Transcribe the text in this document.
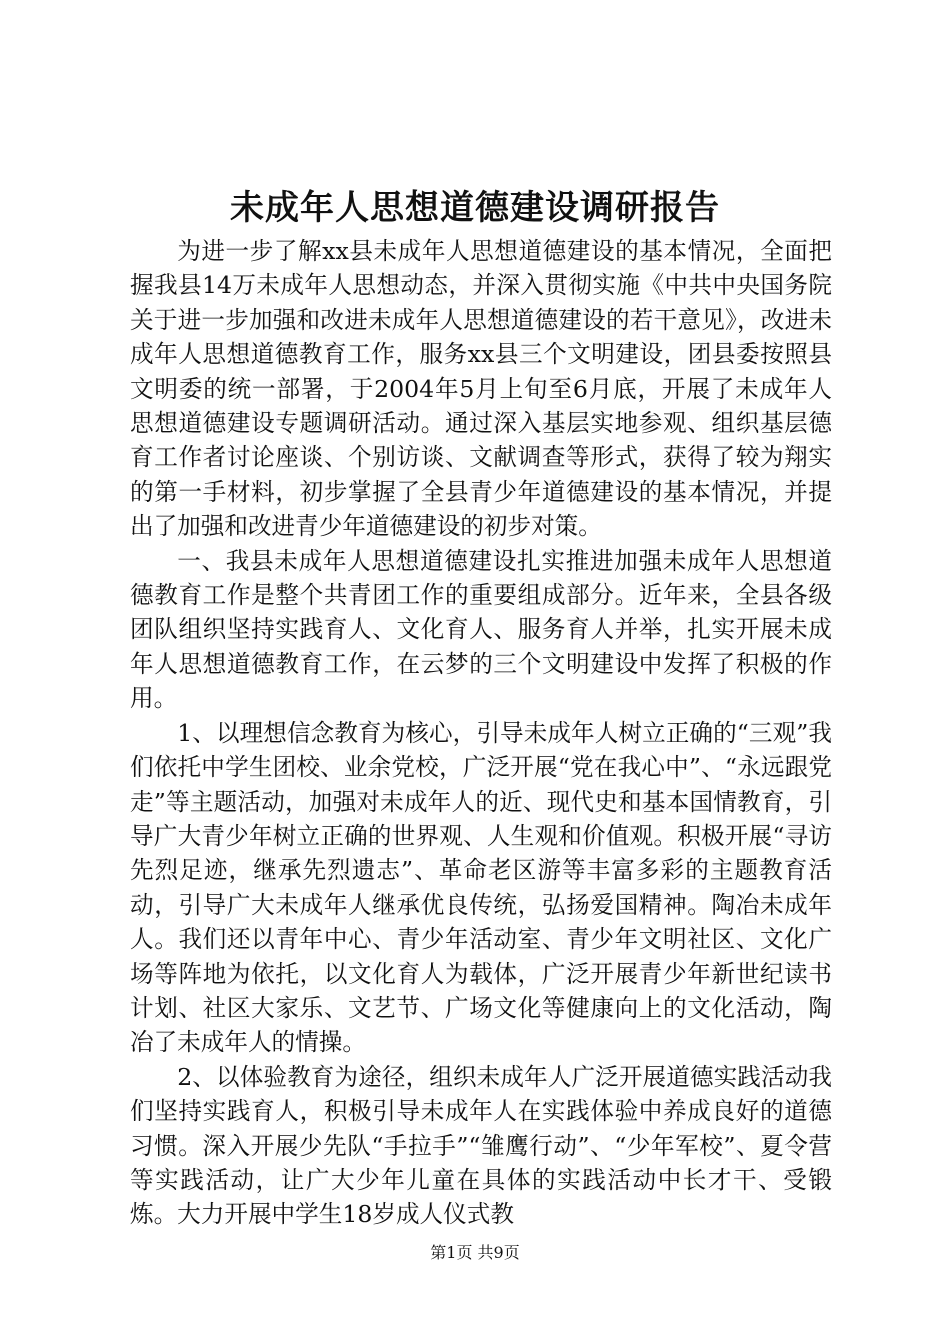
未成年人思想道德建设调研报告

为进一步了解xx县未成年人思想道德建设的基本情况，全面把握我县14万未成年人思想动态，并深入贯彻实施《中共中央国务院关于进一步加强和改进未成年人思想道德建设的若干意见》，改进未成年人思想道德教育工作，服务xx县三个文明建设，团县委按照县文明委的统一部署，于2004年5月上旬至6月底，开展了未成年人思想道德建设专题调研活动。通过深入基层实地参观、组织基层德育工作者讨论座谈、个别访谈、文献调查等形式，获得了较为翔实的第一手材料，初步掌握了全县青少年道德建设的基本情况，并提出了加强和改进青少年道德建设的初步对策。

一、我县未成年人思想道德建设扎实推进加强未成年人思想道德教育工作是整个共青团工作的重要组成部分。近年来，全县各级团队组织坚持实践育人、文化育人、服务育人并举，扎实开展未成年人思想道德教育工作，在云梦的三个文明建设中发挥了积极的作用。

1、以理想信念教育为核心，引导未成年人树立正确的“三观”我们依托中学生团校、业余党校，广泛开展“党在我心中”、“永远跟党走”等主题活动，加强对未成年人的近、现代史和基本国情教育，引导广大青少年树立正确的世界观、人生观和价值观。积极开展“寻访先烈足迹，继承先烈遗志”、革命老区游等丰富多彩的主题教育活动，引导广大未成年人继承优良传统，弘扬爱国精神。陶冶未成年人。我们还以青年中心、青少年活动室、青少年文明社区、文化广场等阵地为依托，以文化育人为载体，广泛开展青少年新世纪读书计划、社区大家乐、文艺节、广场文化等健康向上的文化活动，陶冶了未成年人的情操。

2、以体验教育为途径，组织未成年人广泛开展道德实践活动我们坚持实践育人，积极引导未成年人在实践体验中养成良好的道德习惯。深入开展少先队“手拉手”“雏鹰行动”、“少年军校”、夏令营等实践活动，让广大少年儿童在具体的实践活动中长才干、受锻炼。大力开展中学生18岁成人仪式教

第1页 共9页
